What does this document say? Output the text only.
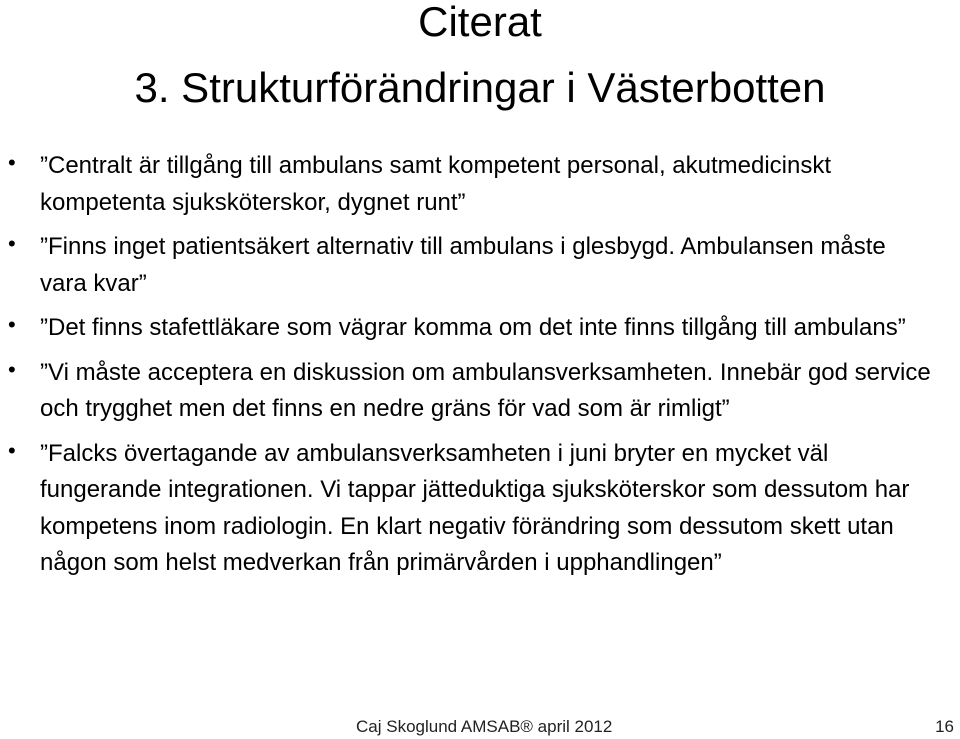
Citerat
3. Strukturförändringar i Västerbotten
• ”Centralt är tillgång till ambulans samt kompetent personal, akutmedicinskt kompetenta sjuksköterskor, dygnet runt”
• ”Finns inget patientsäkert alternativ till ambulans i glesbygd. Ambulansen måste vara kvar”
• ”Det finns stafettläkare som vägrar komma om det inte finns tillgång till ambulans”
• ”Vi måste acceptera en diskussion om ambulansverksamheten. Innebär god service och trygghet men det finns en nedre gräns för vad som är rimligt”
• ”Falcks övertagande av ambulansverksamheten i juni bryter en mycket väl fungerande integrationen. Vi tappar jätteduktiga sjuksköterskor som dessutom har kompetens inom radiologin. En klart negativ förändring som dessutom skett utan någon som helst medverkan från primärvården i upphandlingen”
Caj Skoglund AMSAB® april 2012	16
